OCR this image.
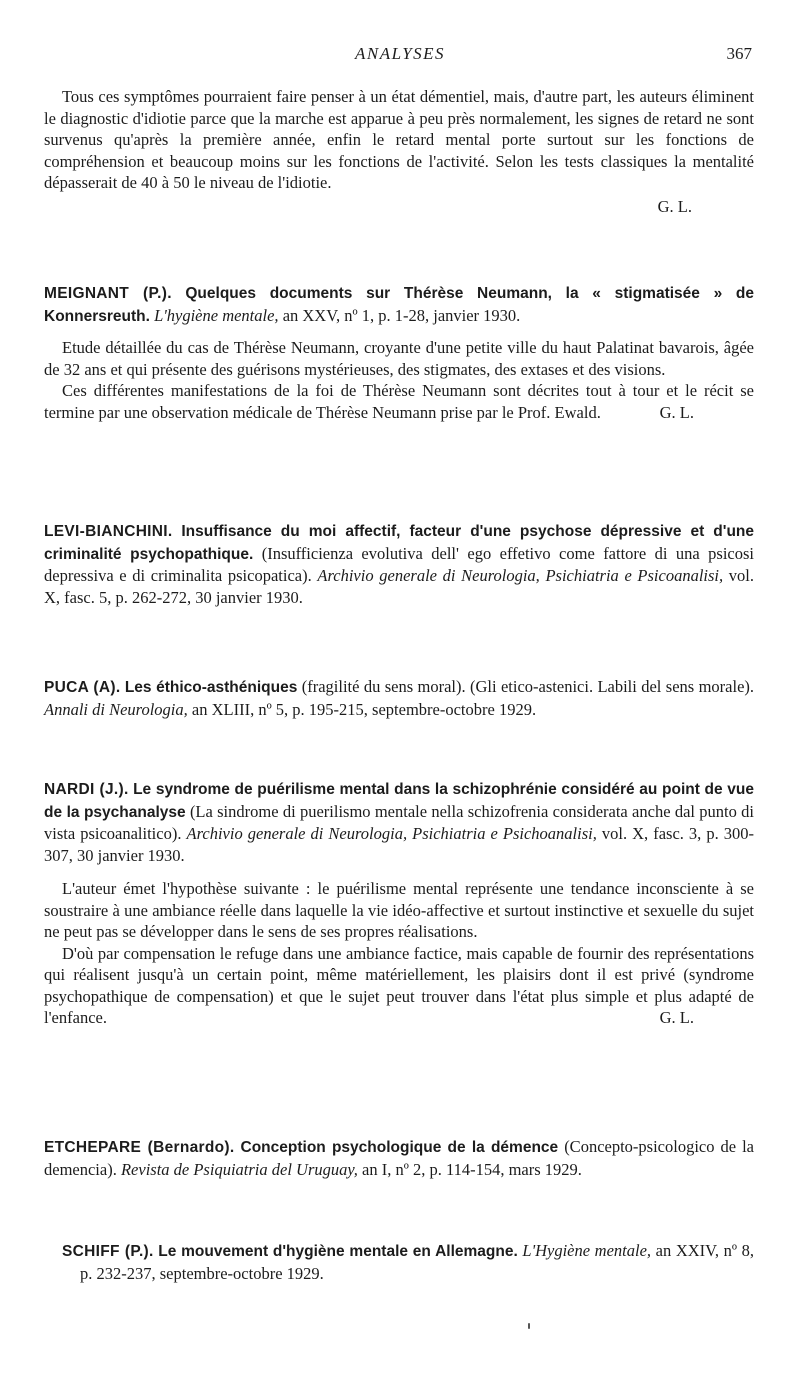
ANALYSES	367

Tous ces symptômes pourraient faire penser à un état démentiel, mais, d'autre part, les auteurs éliminent le diagnostic d'idiotie parce que la marche est apparue à peu près normalement, les signes de retard ne sont survenus qu'après la première année, enfin le retard mental porte surtout sur les fonctions de compréhension et beaucoup moins sur les fonctions de l'activité. Selon les tests classiques la mentalité dépasserait de 40 à 50 le niveau de l'idiotie.

G. L.

MEIGNANT (P.). Quelques documents sur Thérèse Neumann, la « stigmatisée » de Konnersreuth. L'hygiène mentale, an XXV, nº 1, p. 1-28, janvier 1930.

Etude détaillée du cas de Thérèse Neumann, croyante d'une petite ville du haut Palatinat bavarois, âgée de 32 ans et qui présente des guérisons mystérieuses, des stigmates, des extases et des visions.

Ces différentes manifestations de la foi de Thérèse Neumann sont décrites tout à tour et le récit se termine par une observation médicale de Thérèse Neumann prise par le Prof. Ewald.	G. L.

LEVI-BIANCHINI. Insuffisance du moi affectif, facteur d'une psychose dépressive et d'une criminalité psychopathique. (Insufficienza evolutiva dell' ego effetivo come fattore di una psicosi depressiva e di criminalita psicopatica). Archivio generale di Neurologia, Psichiatria e Psicoanalisi, vol. X, fasc. 5, p. 262-272, 30 janvier 1930.

PUCA (A). Les éthico-asthéniques (fragilité du sens moral). (Gli etico-astenici. Labili del sens morale). Annali di Neurologia, an XLIII, nº 5, p. 195-215, septembre-octobre 1929.

NARDI (J.). Le syndrome de puérilisme mental dans la schizophrénie considéré au point de vue de la psychanalyse (La sindrome di puerilismo mentale nella schizofrenia considerata anche dal punto di vista psicoanalitico). Archivio generale di Neurologia, Psichiatria e Psichoanalisi, vol. X, fasc. 3, p. 300-307, 30 janvier 1930.

L'auteur émet l'hypothèse suivante : le puérilisme mental représente une tendance inconsciente à se soustraire à une ambiance réelle dans laquelle la vie idéo-affective et surtout instinctive et sexuelle du sujet ne peut pas se développer dans le sens de ses propres réalisations.

D'où par compensation le refuge dans une ambiance factice, mais capable de fournir des représentations qui réalisent jusqu'à un certain point, même matériellement, les plaisirs dont il est privé (syndrome psychopathique de compensation) et que le sujet peut trouver dans l'état plus simple et plus adapté de l'enfance.	G. L.

ETCHEPARE (Bernardo). Conception psychologique de la démence (Concepto-psicologico de la demencia). Revista de Psiquiatria del Uruguay, an I, nº 2, p. 114-154, mars 1929.

SCHIFF (P.). Le mouvement d'hygiène mentale en Allemagne. L'Hygiène mentale, an XXIV, nº 8, p. 232-237, septembre-octobre 1929.
